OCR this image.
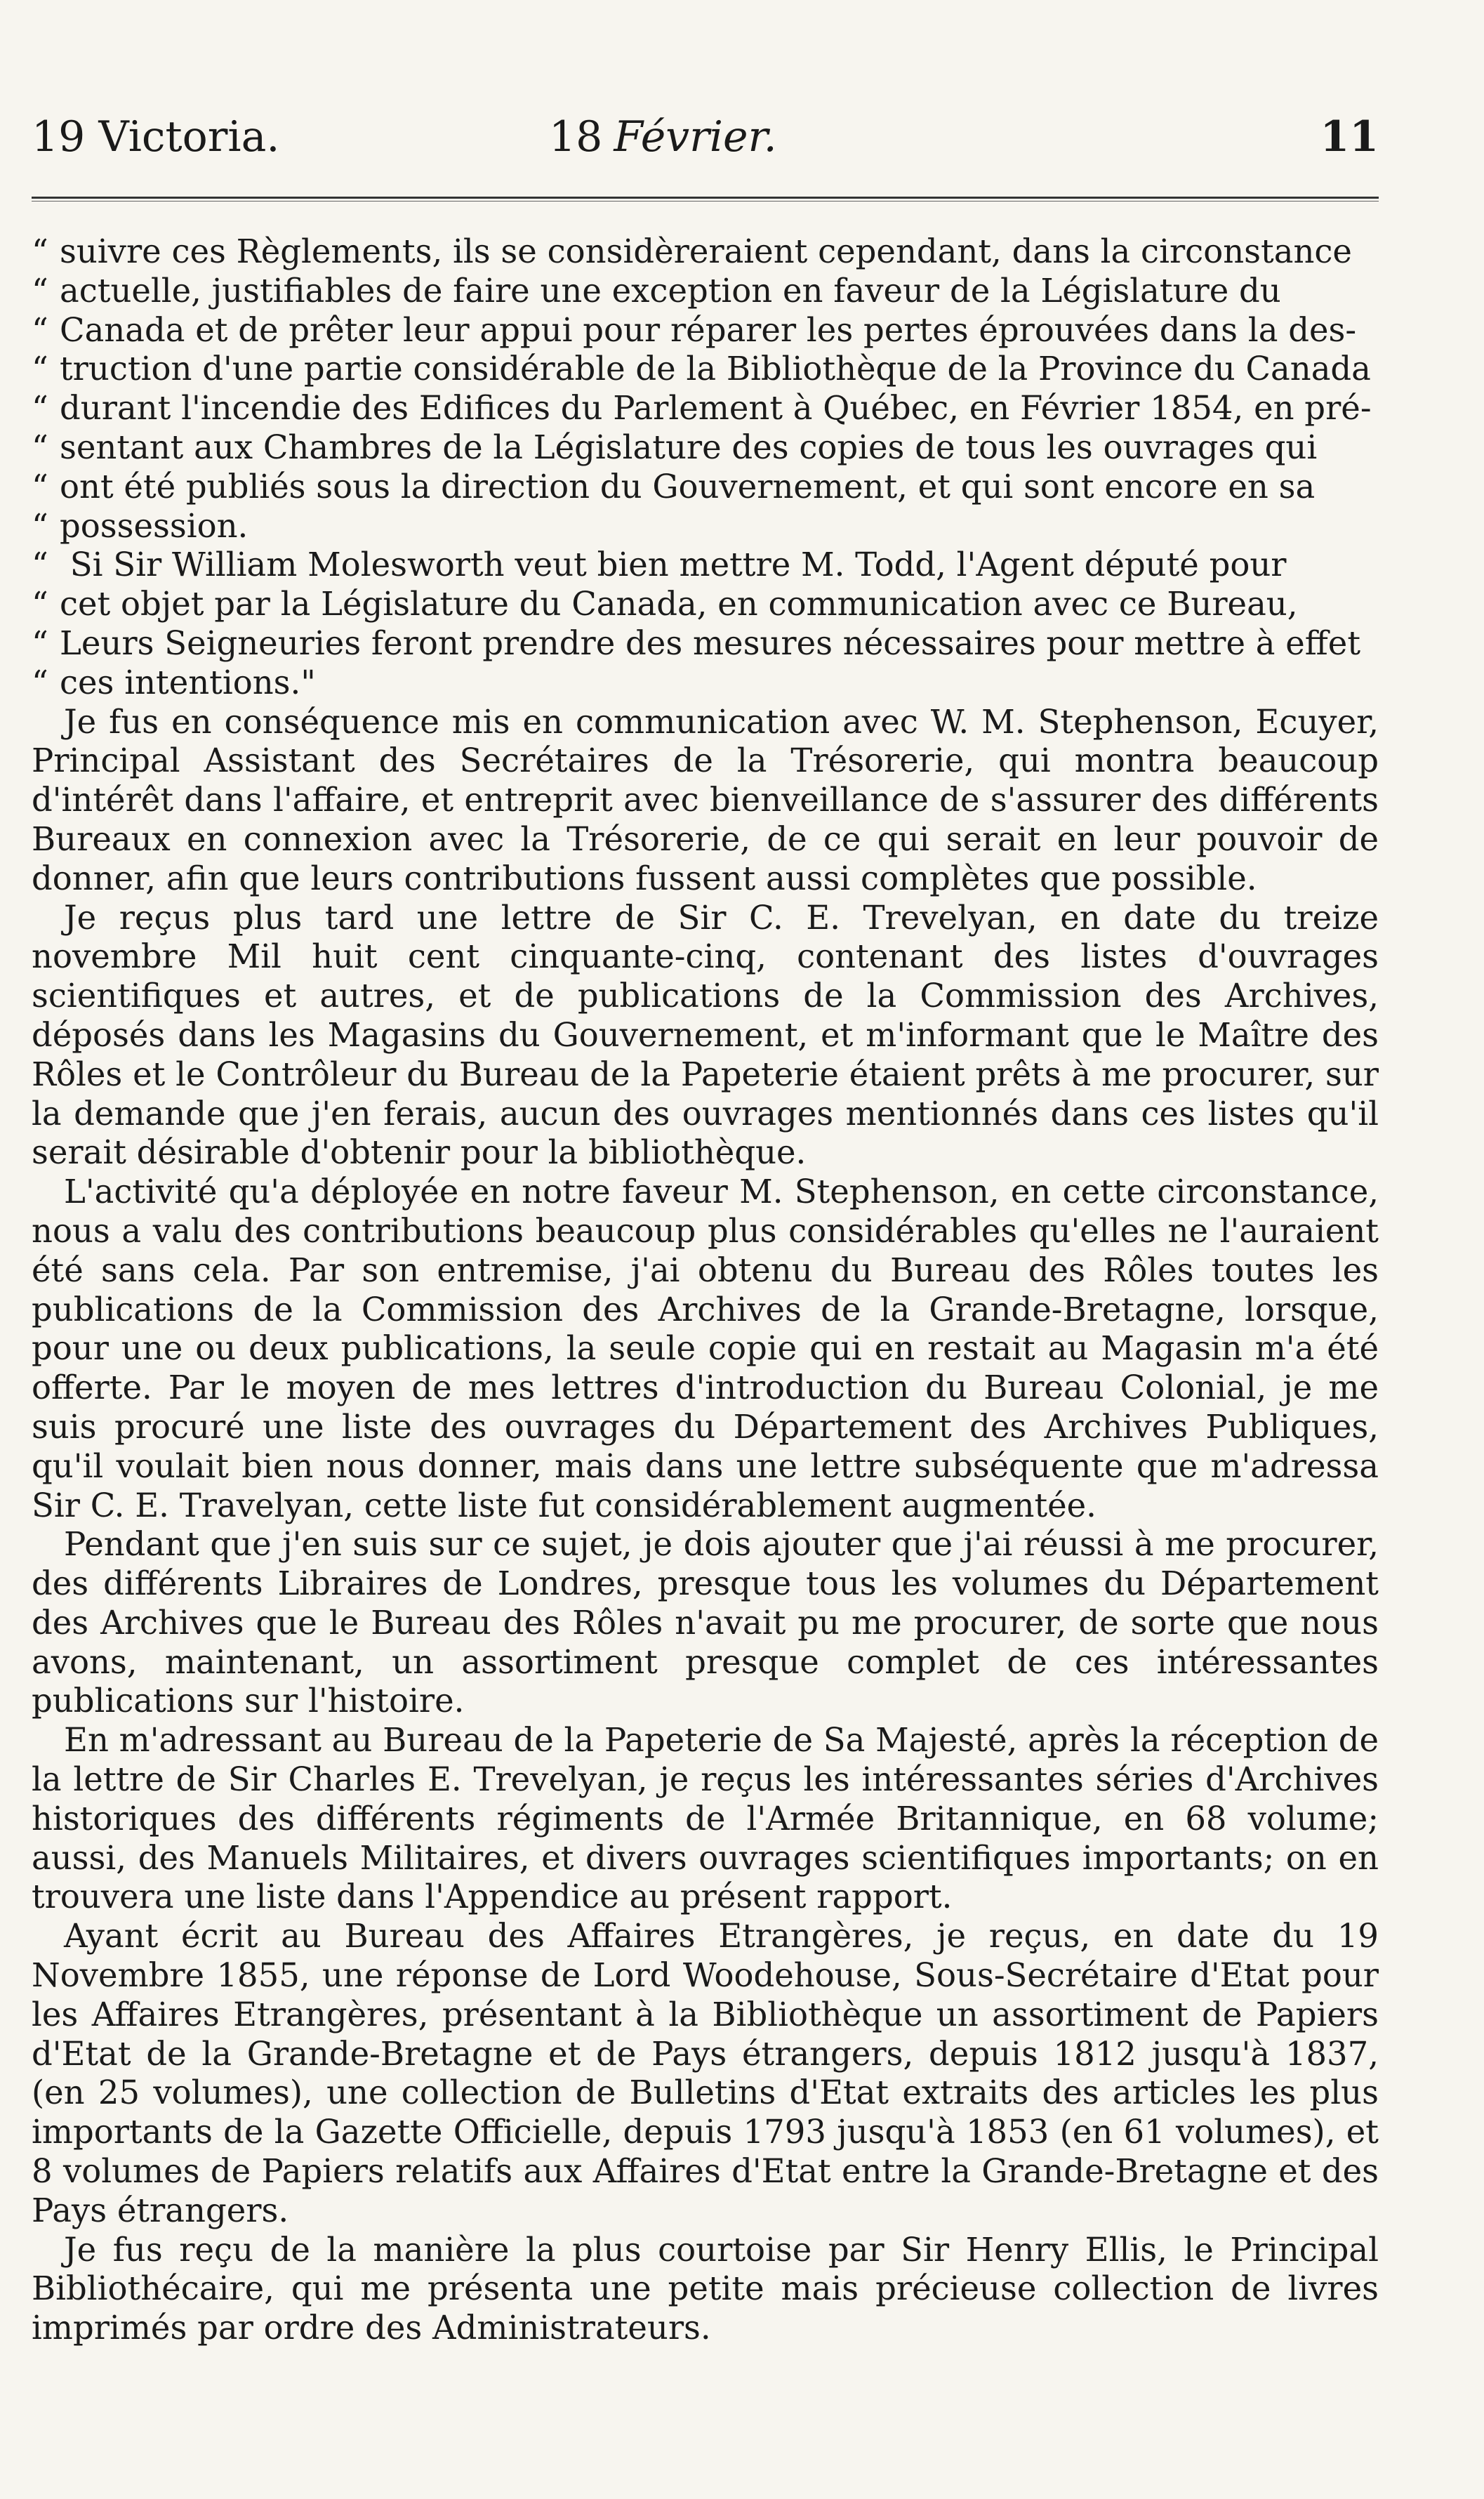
19 Victoria.	18 Février.	11

“ suivre ces Règlements, ils se considèreraient cependant, dans la circonstance

“ actuelle, justifiables de faire une exception en faveur de la Législature du

“ Canada et de prêter leur appui pour réparer les pertes éprouvées dans la des-

“ truction d'une partie considérable de la Bibliothèque de la Province du Canada

“ durant l'incendie des Edifices du Parlement à Québec, en Février 1854, en pré-

“ sentant aux Chambres de la Législature des copies de tous les ouvrages qui

“ ont été publiés sous la direction du Gouvernement, et qui sont encore en sa

“ possession.

“ Si Sir William Molesworth veut bien mettre M. Todd, l'Agent député pour

“ cet objet par la Législature du Canada, en communication avec ce Bureau,

“ Leurs Seigneuries feront prendre des mesures nécessaires pour mettre à effet

“ ces intentions."

Je fus en conséquence mis en communication avec W. M. Stephenson, Ecuyer, Principal Assistant des Secrétaires de la Trésorerie, qui montra beaucoup d'intérêt dans l'affaire, et entreprit avec bienveillance de s'assurer des différents Bureaux en connexion avec la Trésorerie, de ce qui serait en leur pouvoir de donner, afin que leurs contributions fussent aussi complètes que possible.

Je reçus plus tard une lettre de Sir C. E. Trevelyan, en date du treize novembre Mil huit cent cinquante-cinq, contenant des listes d'ouvrages scientifiques et autres, et de publications de la Commission des Archives, déposés dans les Magasins du Gouvernement, et m'informant que le Maître des Rôles et le Contrôleur du Bureau de la Papeterie étaient prêts à me procurer, sur la demande que j'en ferais, aucun des ouvrages mentionnés dans ces listes qu'il serait désirable d'obtenir pour la bibliothèque.

L'activité qu'a déployée en notre faveur M. Stephenson, en cette circonstance, nous a valu des contributions beaucoup plus considérables qu'elles ne l'auraient été sans cela. Par son entremise, j'ai obtenu du Bureau des Rôles toutes les publications de la Commission des Archives de la Grande-Bretagne, lorsque, pour une ou deux publications, la seule copie qui en restait au Magasin m'a été offerte. Par le moyen de mes lettres d'introduction du Bureau Colonial, je me suis procuré une liste des ouvrages du Département des Archives Publiques, qu'il voulait bien nous donner, mais dans une lettre subséquente que m'adressa Sir C. E. Travelyan, cette liste fut considérablement augmentée.

Pendant que j'en suis sur ce sujet, je dois ajouter que j'ai réussi à me procurer, des différents Libraires de Londres, presque tous les volumes du Département des Archives que le Bureau des Rôles n'avait pu me procurer, de sorte que nous avons, maintenant, un assortiment presque complet de ces intéressantes publications sur l'histoire.

En m'adressant au Bureau de la Papeterie de Sa Majesté, après la réception de la lettre de Sir Charles E. Trevelyan, je reçus les intéressantes séries d'Archives historiques des différents régiments de l'Armée Britannique, en 68 volume; aussi, des Manuels Militaires, et divers ouvrages scientifiques importants; on en trouvera une liste dans l'Appendice au présent rapport.

Ayant écrit au Bureau des Affaires Etrangères, je reçus, en date du 19 Novembre 1855, une réponse de Lord Woodehouse, Sous-Secrétaire d'Etat pour les Affaires Etrangères, présentant à la Bibliothèque un assortiment de Papiers d'Etat de la Grande-Bretagne et de Pays étrangers, depuis 1812 jusqu'à 1837, (en 25 volumes), une collection de Bulletins d'Etat extraits des articles les plus importants de la Gazette Officielle, depuis 1793 jusqu'à 1853 (en 61 volumes), et 8 volumes de Papiers relatifs aux Affaires d'Etat entre la Grande-Bretagne et des Pays étrangers.

Je fus reçu de la manière la plus courtoise par Sir Henry Ellis, le Principal Bibliothécaire, qui me présenta une petite mais précieuse collection de livres imprimés par ordre des Administrateurs.
